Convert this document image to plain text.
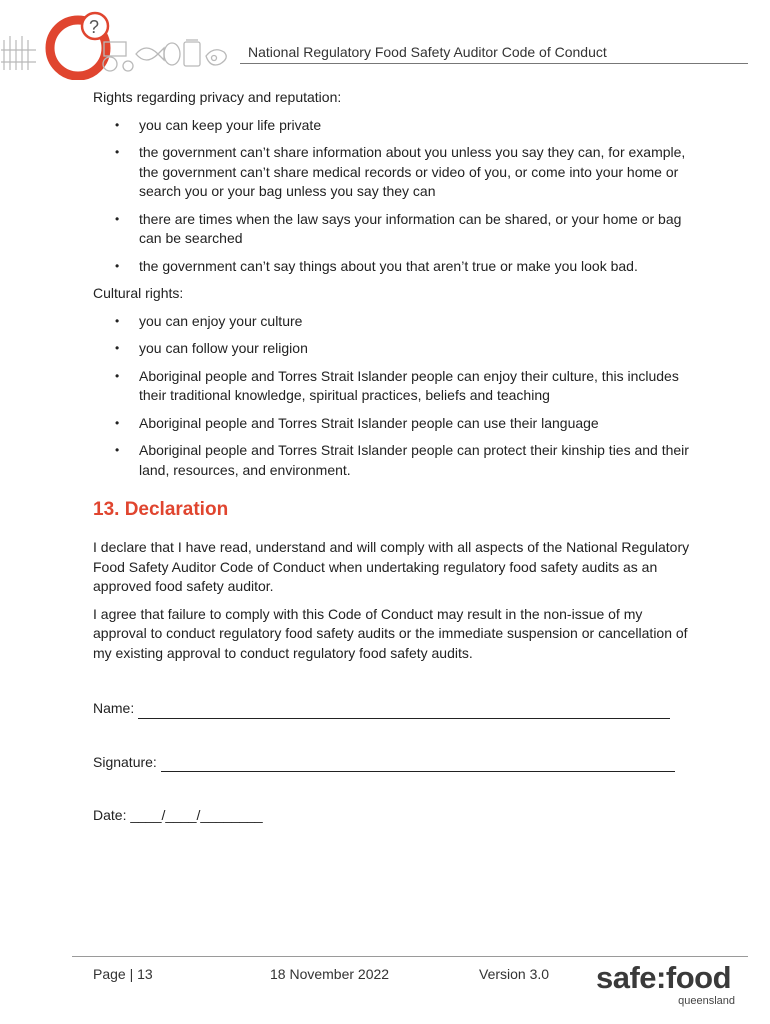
?
National Regulatory Food Safety Auditor Code of Conduct

Rights regarding privacy and reputation:

• you can keep your life private
• the government can’t share information about you unless you say they can, for example, the government can’t share medical records or video of you, or come into your home or search you or your bag unless you say they can
• there are times when the law says your information can be shared, or your home or bag can be searched
• the government can’t say things about you that aren’t true or make you look bad.

Cultural rights:

• you can enjoy your culture
• you can follow your religion
• Aboriginal people and Torres Strait Islander people can enjoy their culture, this includes their traditional knowledge, spiritual practices, beliefs and teaching
• Aboriginal people and Torres Strait Islander people can use their language
• Aboriginal people and Torres Strait Islander people can protect their kinship ties and their land, resources, and environment.
13. Declaration

I declare that I have read, understand and will comply with all aspects of the National Regulatory Food Safety Auditor Code of Conduct when undertaking regulatory food safety audits as an approved food safety auditor.

I agree that failure to comply with this Code of Conduct may result in the non-issue of my approval to conduct regulatory food safety audits or the immediate suspension or cancellation of my existing approval to conduct regulatory food safety audits.

Name:
Signature:
Date: ____/____/________
Page | 13	18 November 2022	Version 3.0 safe:food
queensland
